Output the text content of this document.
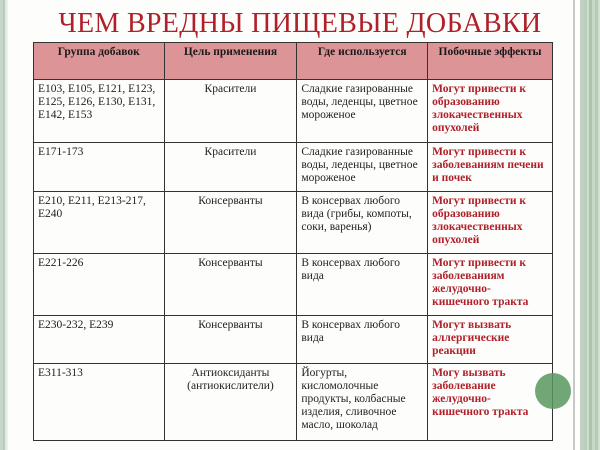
ЧЕМ ВРЕДНЫ ПИЩЕВЫЕ ДОБАВКИ
Группа добавок	Цель применения	Где используется	Побочные эффекты
Е103, Е105, Е121, Е123, Е125, Е126, Е130, Е131, Е142, Е153	Красители	Сладкие газированные воды, леденцы, цветное мороженое	Могут привести к образованию злокачественных опухолей
Е171-173	Красители	Сладкие газированные воды, леденцы, цветное мороженое	Могут привести к заболеваниям печени и почек
Е210, Е211, Е213-217, Е240	Консерванты	В консервах любого вида (грибы, компоты, соки, варенья)	Могут привести к образованию злокачественных опухолей
Е221-226	Консерванты	В консервах любого вида	Могут привести к заболеваниям желудочно-кишечного тракта
Е230-232, Е239	Консерванты	В консервах любого вида	Могут вызвать аллергические реакции
Е311-313	Антиоксиданты (антиокислители)	Йогурты, кисломолочные продукты, колбасные изделия, сливочное масло, шоколад	Могу вызвать заболевание желудочно-кишечного тракта
